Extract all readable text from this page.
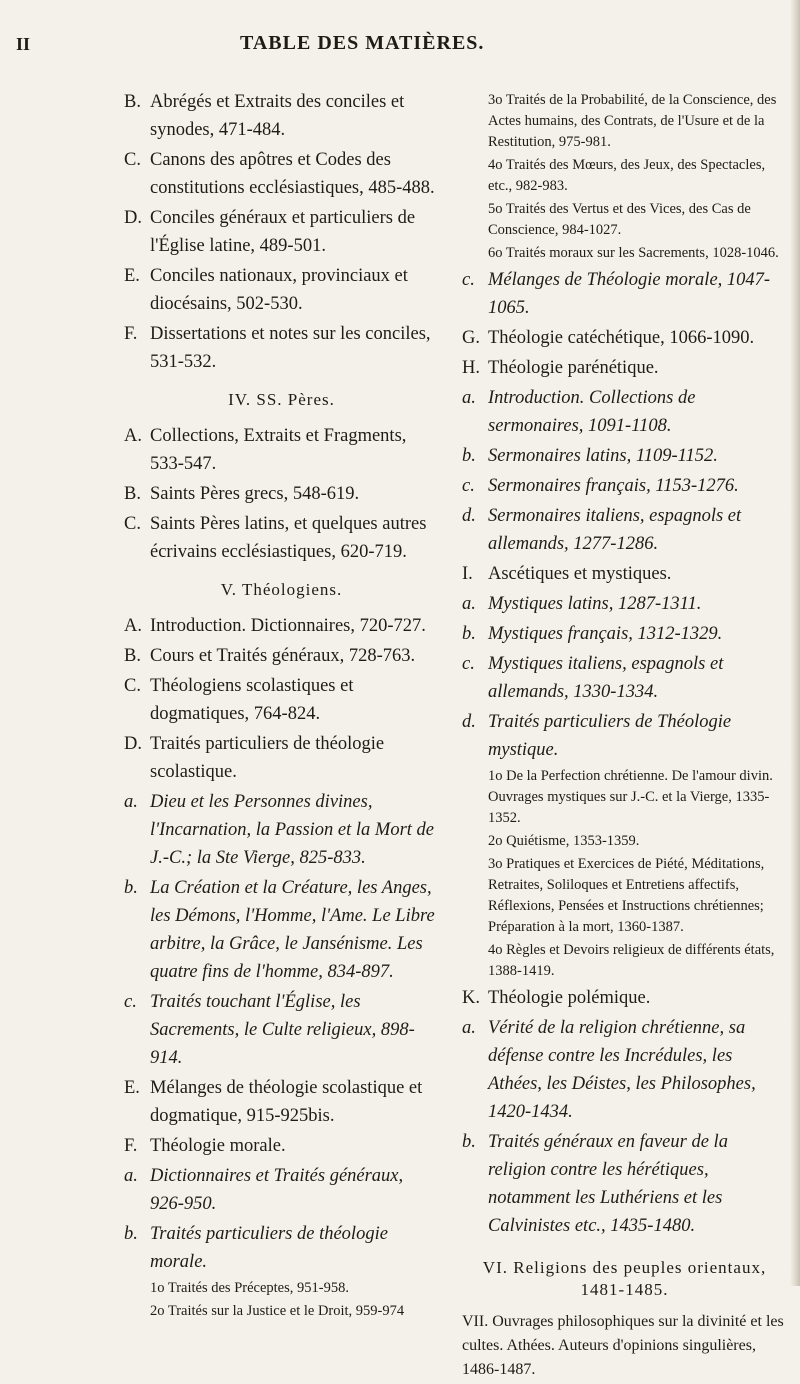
II	TABLE DES MATIÈRES.
B. Abrégés et Extraits des conciles et synodes, 471-484.
C. Canons des apôtres et Codes des constitutions ecclésiastiques, 485-488.
D. Conciles généraux et particuliers de l'Église latine, 489-501.
E. Conciles nationaux, provinciaux et diocésains, 502-530.
F. Dissertations et notes sur les conciles, 531-532.
IV. SS. Pères.
A. Collections, Extraits et Fragments, 533-547.
B. Saints Pères grecs, 548-619.
C. Saints Pères latins, et quelques autres écrivains ecclésiastiques, 620-719.
V. Théologiens.
A. Introduction. Dictionnaires, 720-727.
B. Cours et Traités généraux, 728-763.
C. Théologiens scolastiques et dogmatiques, 764-824.
D. Traités particuliers de théologie scolastique.
a. Dieu et les Personnes divines, l'Incarnation, la Passion et la Mort de J.-C.; la Ste Vierge, 825-833.
b. La Création et la Créature, les Anges, les Démons, l'Homme, l'Ame. Le Libre arbitre, la Grâce, le Jansénisme. Les quatre fins de l'homme, 834-897.
c. Traités touchant l'Église, les Sacrements, le Culte religieux, 898-914.
E. Mélanges de théologie scolastique et dogmatique, 915-925bis.
F. Théologie morale.
a. Dictionnaires et Traités généraux, 926-950.
b. Traités particuliers de théologie morale.
1o Traités des Préceptes, 951-958.
2o Traités sur la Justice et le Droit, 959-974
3o Traités de la Probabilité, de la Conscience, des Actes humains, des Contrats, de l'Usure et de la Restitution, 975-981.
4o Traités des Mœurs, des Jeux, des Spectacles, etc., 982-983.
5o Traités des Vertus et des Vices, des Cas de Conscience, 984-1027.
6o Traités moraux sur les Sacrements, 1028-1046.
c. Mélanges de Théologie morale, 1047-1065.
G. Théologie catéchétique, 1066-1090.
H. Théologie parénétique.
a. Introduction. Collections de sermonaires, 1091-1108.
b. Sermonaires latins, 1109-1152.
c. Sermonaires français, 1153-1276.
d. Sermonaires italiens, espagnols et allemands, 1277-1286.
I. Ascétiques et mystiques.
a. Mystiques latins, 1287-1311.
b. Mystiques français, 1312-1329.
c. Mystiques italiens, espagnols et allemands, 1330-1334.
d. Traités particuliers de Théologie mystique.
1o De la Perfection chrétienne. De l'amour divin. Ouvrages mystiques sur J.-C. et la Vierge, 1335-1352.
2o Quiétisme, 1353-1359.
3o Pratiques et Exercices de Piété, Méditations, Retraites, Soliloques et Entretiens affectifs, Réflexions, Pensées et Instructions chrétiennes; Préparation à la mort, 1360-1387.
4o Règles et Devoirs religieux de différents états, 1388-1419.
K. Théologie polémique.
a. Vérité de la religion chrétienne, sa défense contre les Incrédules, les Athées, les Déistes, les Philosophes, 1420-1434.
b. Traités généraux en faveur de la religion contre les hérétiques, notamment les Luthériens et les Calvinistes etc., 1435-1480.
VI. Religions des peuples orientaux,
1481-1485.
VII. Ouvrages philosophiques sur la divinité et les cultes. Athées. Auteurs d'opinions singulières, 1486-1487.
